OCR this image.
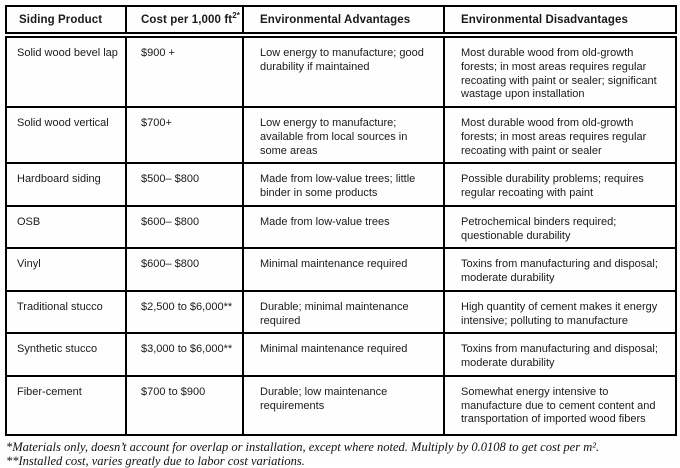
Siding Product	Cost per 1,000 $ft^{2*}$	Environmental Advantages	Environmental Disadvantages
Solid wood bevel lap	$900 +	Low energy to manufacture; good durability if maintained	Most durable wood from old-growth forests; in most areas requires regular recoating with paint or sealer; significant wastage upon installation
Solid wood vertical	$700+	Low energy to manufacture; available from local sources in some areas	Most durable wood from old-growth forests; in most areas requires regular recoating with paint or sealer
Hardboard siding	$500– $800	Made from low-value trees; little binder in some products	Possible durability problems; requires regular recoating with paint
OSB	$600– $800	Made from low-value trees	Petrochemical binders required; questionable durability
Vinyl	$600– $800	Minimal maintenance required	Toxins from manufacturing and disposal; moderate durability
Traditional stucco	$2,500 to $6,000**	Durable; minimal maintenance required	High quantity of cement makes it energy intensive; polluting to manufacture
Synthetic stucco	$3,000 to $6,000**	Minimal maintenance required	Toxins from manufacturing and disposal; moderate durability
Fiber-cement	$700 to $900	Durable; low maintenance requirements	Somewhat energy intensive to manufacture due to cement content and transportation of imported wood fibers
*Materials only, doesn’t account for overlap or installation, except where noted. Multiply by 0.0108 to get cost per m².
**Installed cost, varies greatly due to labor cost variations.
